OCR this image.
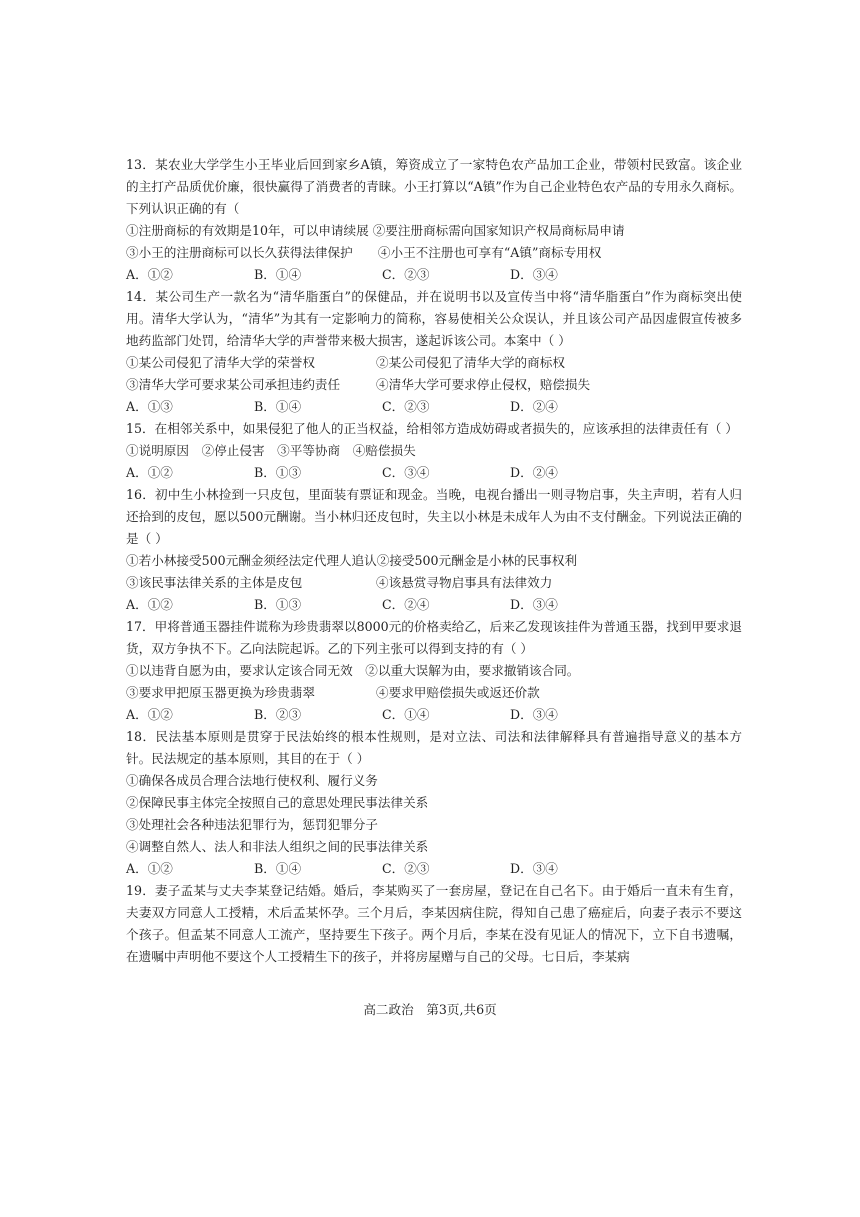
13．某农业大学学生小王毕业后回到家乡A镇，筹资成立了一家特色农产品加工企业，带领村民致富。该企业的主打产品质优价廉，很快赢得了消费者的青睐。小王打算以“A镇”作为自己企业特色农产品的专用永久商标。下列认识正确的有（

①注册商标的有效期是10年，可以申请续展 ②要注册商标需向国家知识产权局商标局申请
③小王的注册商标可以长久获得法律保护　　④小王不注册也可享有“A镇”商标专用权
A．①②	B．①④	C．②③	D．③④

14．某公司生产一款名为“清华脂蛋白”的保健品，并在说明书以及宣传当中将“清华脂蛋白”作为商标突出使用。清华大学认为，“清华”为其有一定影响力的简称，容易使相关公众误认，并且该公司产品因虚假宣传被多地药监部门处罚，给清华大学的声誉带来极大损害，遂起诉该公司。本案中（ ）

①某公司侵犯了清华大学的荣誉权	②某公司侵犯了清华大学的商标权
③清华大学可要求某公司承担违约责任	④清华大学可要求停止侵权，赔偿损失
A．①③	B．①④	C．②③	D．②④

15．在相邻关系中，如果侵犯了他人的正当权益，给相邻方造成妨碍或者损失的，应该承担的法律责任有（ ）

①说明原因　②停止侵害　③平等协商　④赔偿损失
A．①②	B．①③	C．③④	D．②④

16．初中生小林捡到一只皮包，里面装有票证和现金。当晚，电视台播出一则寻物启事，失主声明，若有人归还拾到的皮包，愿以500元酬谢。当小林归还皮包时，失主以小林是未成年人为由不支付酬金。下列说法正确的是（ ）

①若小林接受500元酬金须经法定代理人追认②接受500元酬金是小林的民事权利
③该民事法律关系的主体是皮包	④该悬赏寻物启事具有法律效力
A．①②	B．①③	C．②④	D．③④

17．甲将普通玉器挂件谎称为珍贵翡翠以8000元的价格卖给乙，后来乙发现该挂件为普通玉器，找到甲要求退货，双方争执不下。乙向法院起诉。乙的下列主张可以得到支持的有（ ）

①以违背自愿为由，要求认定该合同无效　②以重大误解为由，要求撤销该合同。
③要求甲把原玉器更换为珍贵翡翠	④要求甲赔偿损失或返还价款
A．①②	B．②③	C．①④	D．③④

18．民法基本原则是贯穿于民法始终的根本性规则，是对立法、司法和法律解释具有普遍指导意义的基本方针。民法规定的基本原则，其目的在于（ ）

①确保各成员合理合法地行使权利、履行义务
②保障民事主体完全按照自己的意思处理民事法律关系
③处理社会各种违法犯罪行为，惩罚犯罪分子
④调整自然人、法人和非法人组织之间的民事法律关系
A．①②	B．①④	C．②③	D．③④

19．妻子孟某与丈夫李某登记结婚。婚后，李某购买了一套房屋，登记在自己名下。由于婚后一直未有生育，夫妻双方同意人工授精，术后孟某怀孕。三个月后，李某因病住院，得知自己患了癌症后，向妻子表示不要这个孩子。但孟某不同意人工流产，坚持要生下孩子。两个月后，李某在没有见证人的情况下，立下自书遗嘱，在遗嘱中声明他不要这个人工授精生下的孩子，并将房屋赠与自己的父母。七日后，李某病

高二政治　第3页,共6页
